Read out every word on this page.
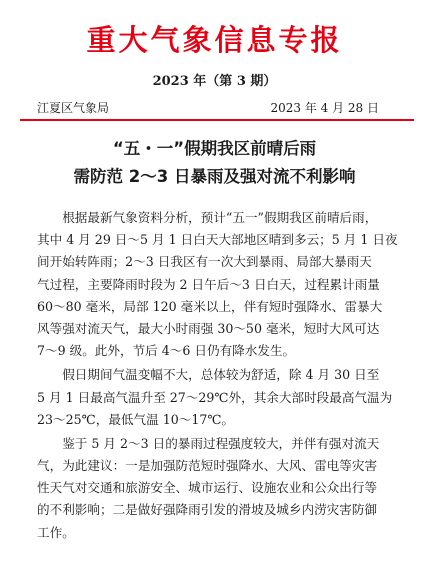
重大气象信息专报
2023 年（第 3 期）
江夏区气象局	2023 年 4 月 28 日
“五・一”假期我区前晴后雨
需防范 2～3 日暴雨及强对流不利影响
　　根据最新气象资料分析，预计“五一”假期我区前晴后雨，
其中 4 月 29 日～5 月 1 日白天大部地区晴到多云；5 月 1 日夜
间开始转阵雨；2～3 日我区有一次大到暴雨、局部大暴雨天
气过程，主要降雨时段为 2 日午后～3 日白天，过程累计雨量
60～80 毫米，局部 120 毫米以上，伴有短时强降水、雷暴大
风等强对流天气，最大小时雨强 30～50 毫米，短时大风可达
7～9 级。此外，节后 4～6 日仍有降水发生。
　　假日期间气温变幅不大，总体较为舒适，除 4 月 30 日至
5 月 1 日最高气温升至 27～29℃外，其余大部时段最高气温为
23～25℃，最低气温 10～17℃。
　　鉴于 5 月 2～3 日的暴雨过程强度较大，并伴有强对流天
气，为此建议：一是加强防范短时强降水、大风、雷电等灾害
性天气对交通和旅游安全、城市运行、设施农业和公众出行等
的不利影响；二是做好强降雨引发的滑坡及城乡内涝灾害防御
工作。
